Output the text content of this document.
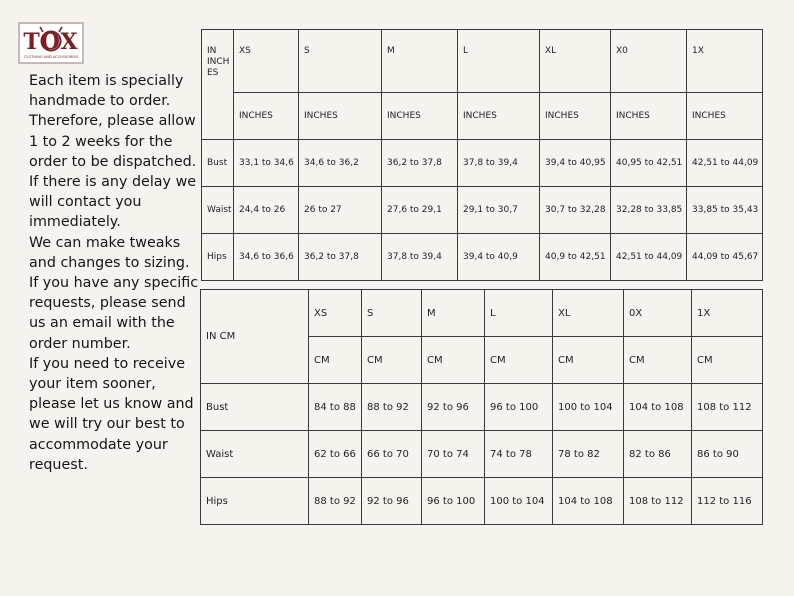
TOX
CLOTHING AND ACCESSORIES

Each item is specially handmade to order. Therefore, please allow 1 to 2 weeks for the order to be dispatched.

If there is any delay we will contact you immediately.

We can make tweaks and changes to sizing. If you have any specific requests, please send us an email with the order number.

If you need to receive your item sooner, please let us know and we will try our best to accommodate your request.

IN INCH ES	XS	S	M	L	XL	X0	1X
	INCHES	INCHES	INCHES	INCHES	INCHES	INCHES	INCHES
Bust	33,1 to 34,6	34,6 to 36,2	36,2 to 37,8	37,8 to 39,4	39,4 to 40,95	40,95 to 42,51	42,51 to 44,09
Waist	24,4 to 26	26 to 27	27,6 to 29,1	29,1 to 30,7	30,7 to 32,28	32,28 to 33,85	33,85 to 35,43
Hips	34,6 to 36,6	36,2 to 37,8	37,8 to 39,4	39,4 to 40,9	40,9 to 42,51	42,51 to 44,09	44,09 to 45,67
IN CM	XS	S	M	L	XL	0X	1X
	CM	CM	CM	CM	CM	CM	CM
Bust	84 to 88	88 to 92	92 to 96	96 to 100	100 to 104	104 to 108	108 to 112
Waist	62 to 66	66 to 70	70 to 74	74 to 78	78 to 82	82 to 86	86 to 90
Hips	88 to 92	92 to 96	96 to 100	100 to 104	104 to 108	108 to 112	112 to 116
